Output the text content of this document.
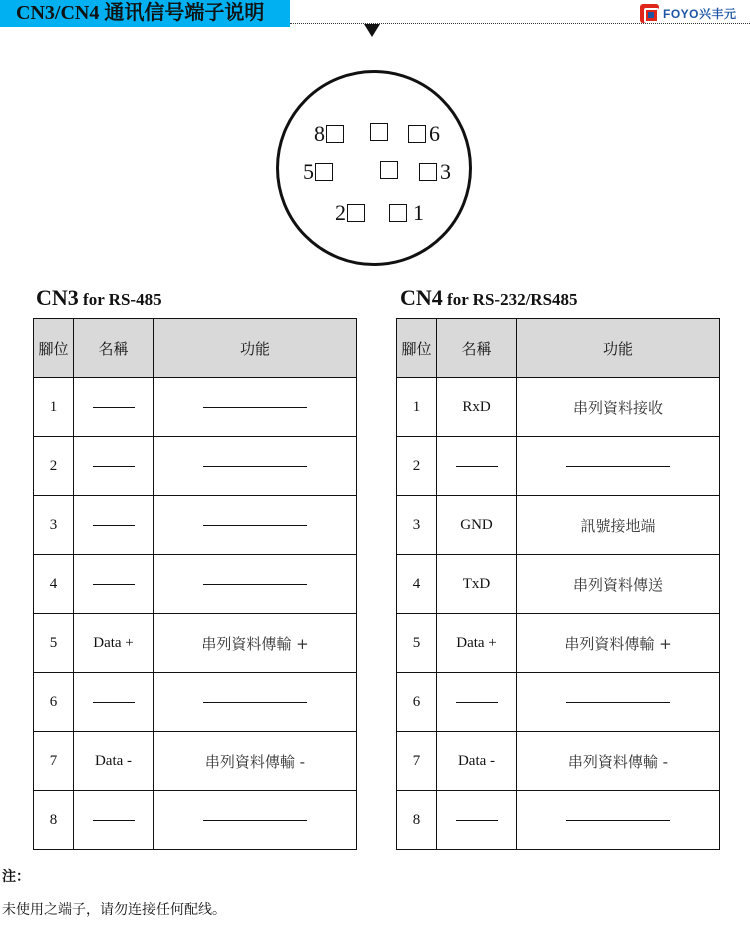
CN3/CN4 通讯信号端子说明	FOYO兴丰元
8	6
5	3
2	1
CN3 for RS-485
腳位	名稱	功能
1		
2		
3		
4		
5	Data +	串列資料傳輸 +
6		
7	Data -	串列資料傳輸 -
8		
CN4 for RS-232/RS485
腳位	名稱	功能
1	RxD	串列資料接收
2		
3	GND	訊號接地端
4	TxD	串列資料傳送
5	Data +	串列資料傳輸 +
6		
7	Data -	串列資料傳輸 -
8		
注：
未使用之端子，请勿连接任何配线。
